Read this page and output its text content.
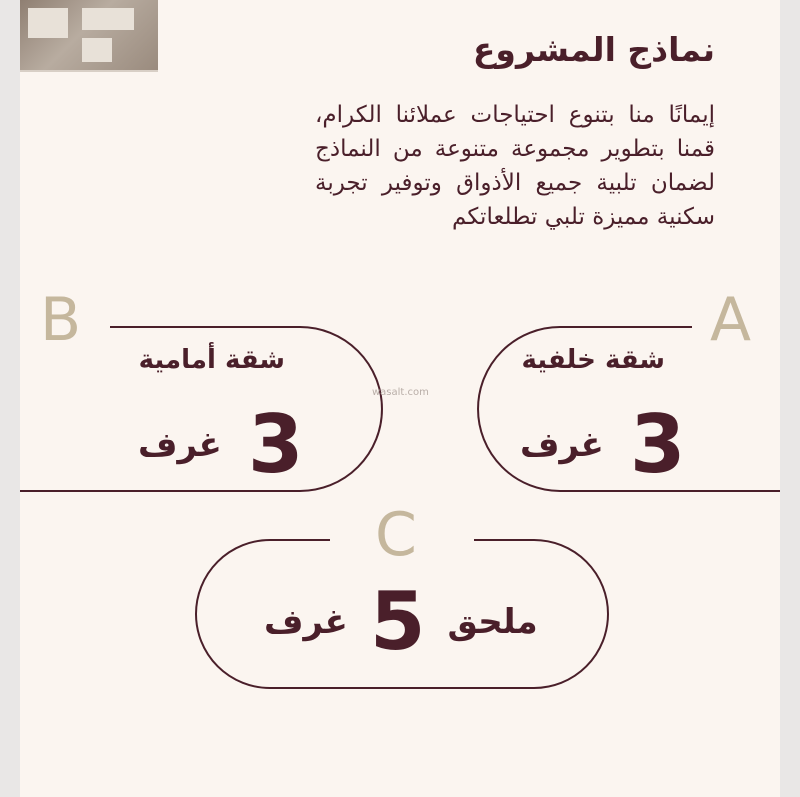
نماذج المشروع

إيمانًا منا بتنوع احتياجات عملائنا الكرام، قمنا بتطوير مجموعة متنوعة من النماذج لضمان تلبية جميع الأذواق وتوفير تجربة سكنية مميزة تلبي تطلعاتكم

A
شقة خلفية
غرف 3
B
شقة أمامية
غرف 3
C
غرف 5 ملحق
wasalt.com
